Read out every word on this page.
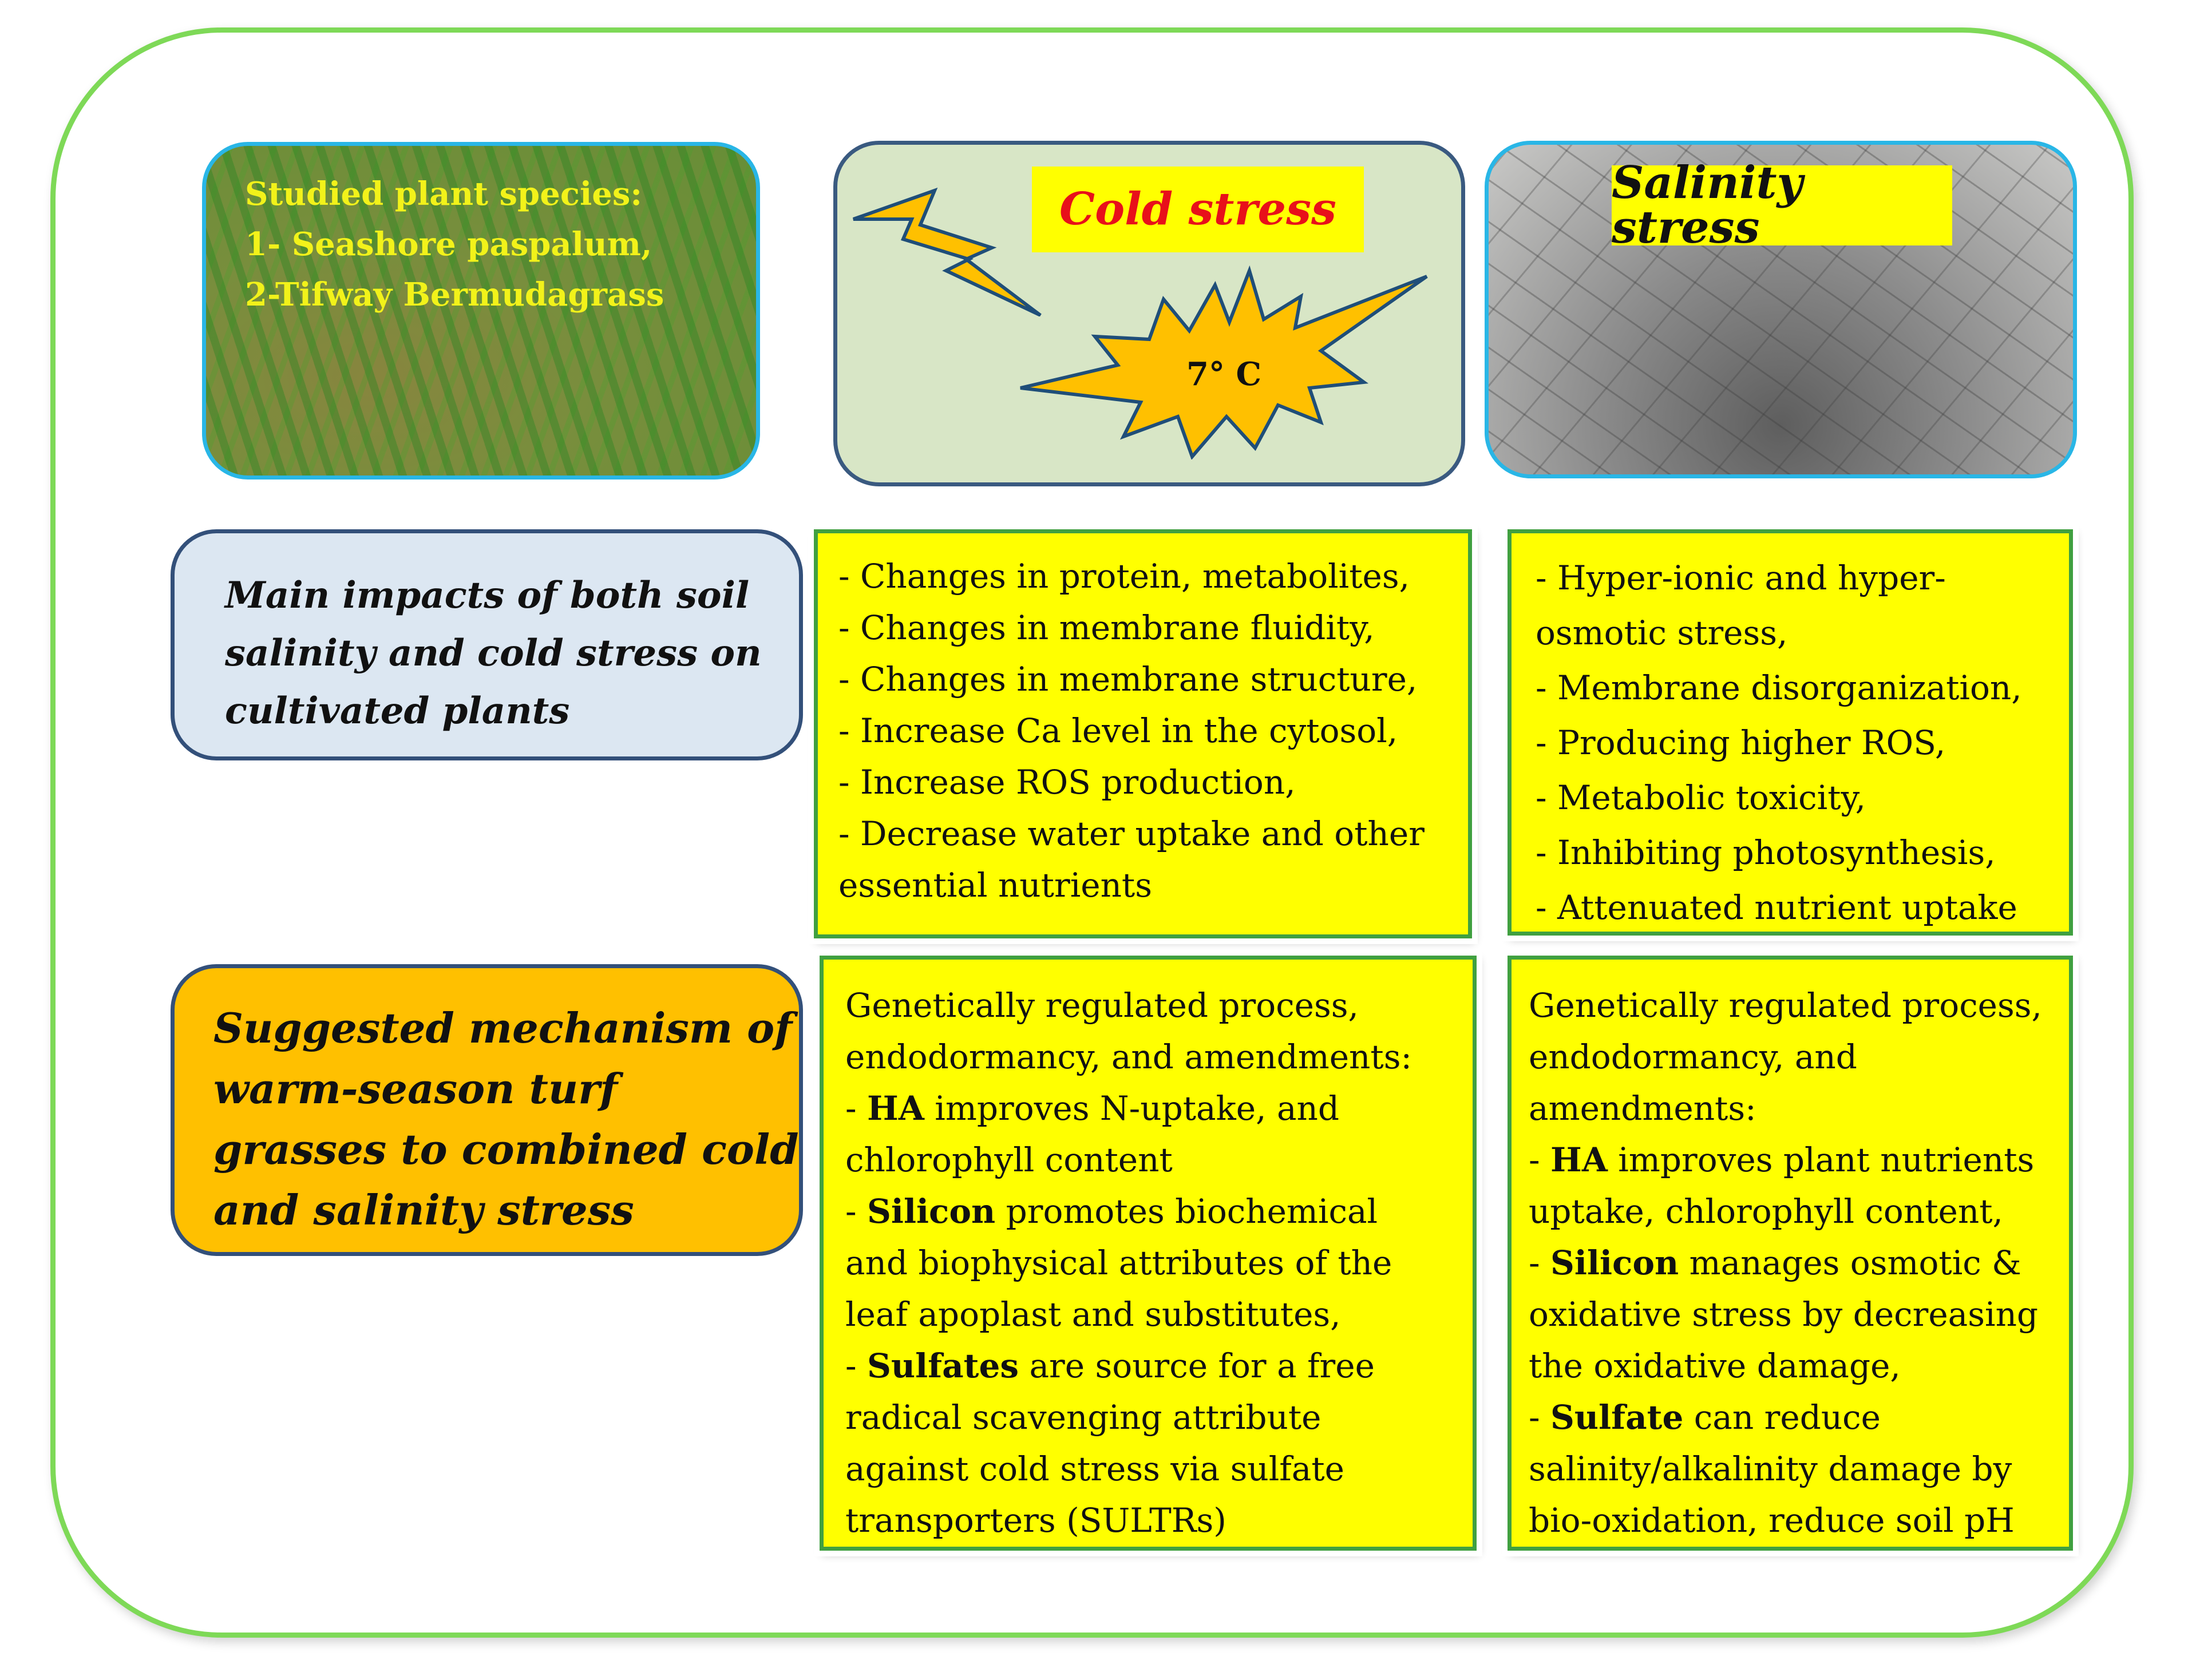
Studied plant species:
1- Seashore paspalum,
2-Tifway Bermudagrass
Cold stress
7° C
Salinity stress
Main impacts of both soil
salinity and cold stress on
cultivated plants
Suggested mechanism of
warm-season turf
grasses to combined cold
and salinity stress
- Changes in protein, metabolites,
- Changes in membrane fluidity,
- Changes in membrane structure,
- Increase Ca level in the cytosol,
- Increase ROS production,
- Decrease water uptake and other
essential nutrients
- Hyper-ionic and hyper-
osmotic stress,
- Membrane disorganization,
- Producing higher ROS,
- Metabolic toxicity,
- Inhibiting photosynthesis,
- Attenuated nutrient uptake
Genetically regulated process,
endodormancy, and amendments:
- HA improves N-uptake, and
chlorophyll content
- Silicon promotes biochemical
and biophysical attributes of the
leaf apoplast and substitutes,
- Sulfates are source for a free
radical scavenging attribute
against cold stress via sulfate
transporters (SULTRs)
Genetically regulated process,
endodormancy, and
amendments:
- HA improves plant nutrients
uptake, chlorophyll content,
- Silicon manages osmotic &
oxidative stress by decreasing
the oxidative damage,
- Sulfate can reduce
salinity/alkalinity damage by
bio-oxidation, reduce soil pH
